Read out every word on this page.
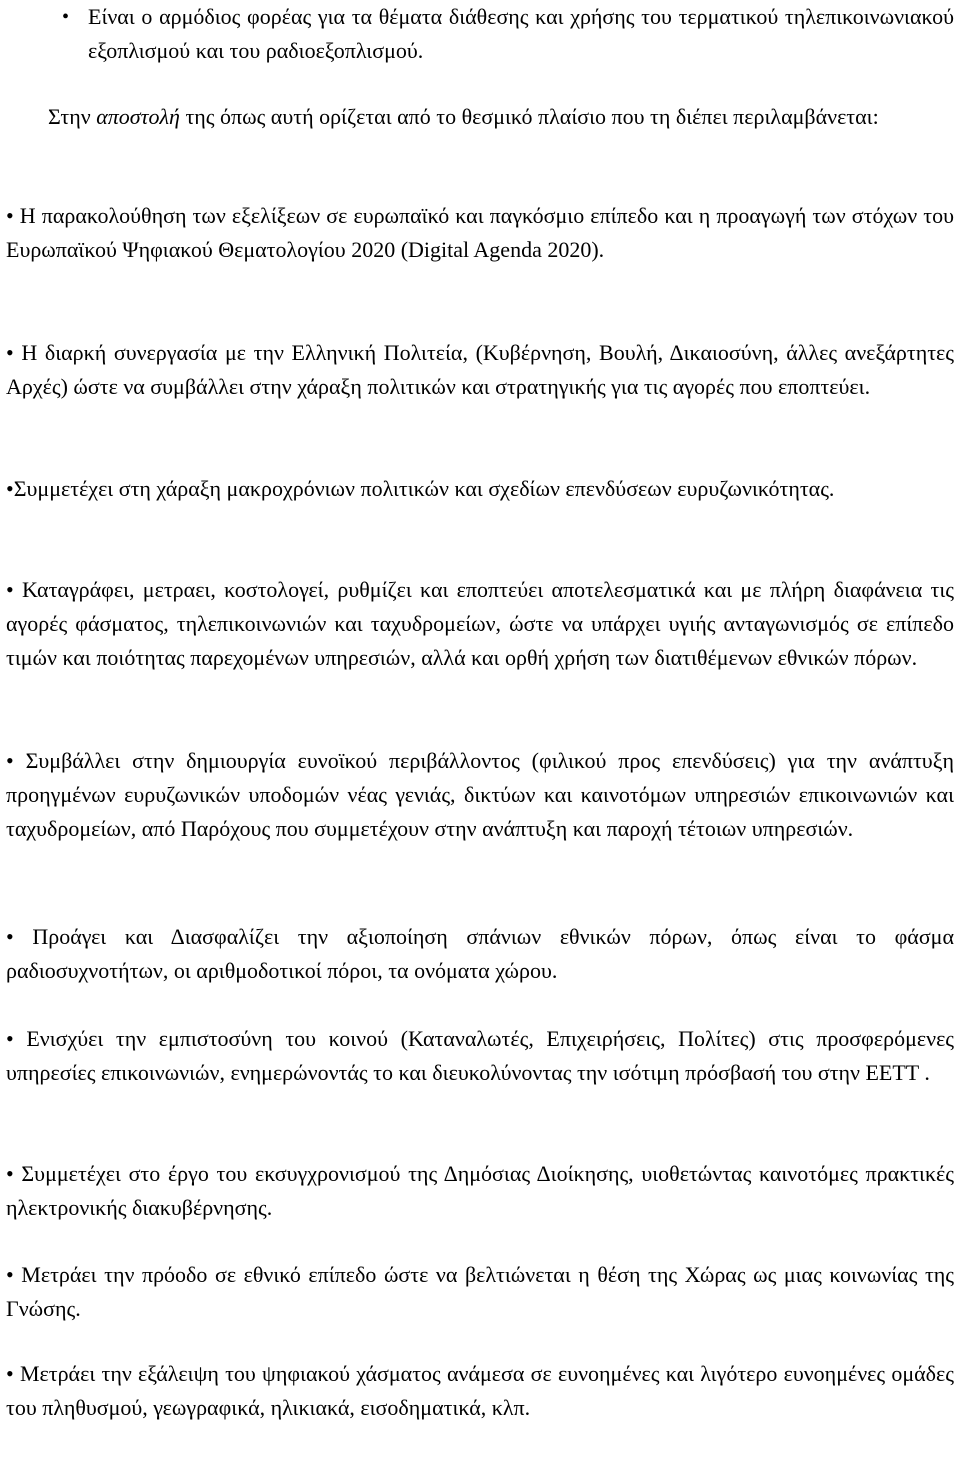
• Είναι ο αρμόδιος φορέας για τα θέματα διάθεσης και χρήσης του τερματικού τηλεπικοινωνιακού εξοπλισμού και του ραδιοεξοπλισμού.

Στην αποστολή της όπως αυτή ορίζεται από το θεσμικό πλαίσιο που τη διέπει περιλαμβάνεται:

• Η παρακολούθηση των εξελίξεων σε ευρωπαϊκό και παγκόσμιο επίπεδο και η προαγωγή των στόχων του Ευρωπαϊκού Ψηφιακού Θεματολογίου 2020 (Digital Agenda 2020).

• Η διαρκή συνεργασία με την Ελληνική Πολιτεία, (Κυβέρνηση, Βουλή, Δικαιοσύνη, άλλες ανεξάρτητες Αρχές) ώστε να συμβάλλει στην χάραξη πολιτικών και στρατηγικής για τις αγορές που εποπτεύει.

•Συμμετέχει στη χάραξη μακροχρόνιων πολιτικών και σχεδίων επενδύσεων ευρυζωνικότητας.

• Καταγράφει, μετραει, κοστολογεί, ρυθμίζει και εποπτεύει αποτελεσματικά και με πλήρη διαφάνεια τις αγορές φάσματος, τηλεπικοινωνιών και ταχυδρομείων, ώστε να υπάρχει υγιής ανταγωνισμός σε επίπεδο τιμών και ποιότητας παρεχομένων υπηρεσιών, αλλά και ορθή χρήση των διατιθέμενων εθνικών πόρων.

• Συμβάλλει στην δημιουργία ευνοϊκού περιβάλλοντος (φιλικού προς επενδύσεις) για την ανάπτυξη προηγμένων ευρυζωνικών υποδομών νέας γενιάς, δικτύων και καινοτόμων υπηρεσιών επικοινωνιών και ταχυδρομείων, από Παρόχους που συμμετέχουν στην ανάπτυξη και παροχή τέτοιων υπηρεσιών.

• Προάγει και Διασφαλίζει την αξιοποίηση σπάνιων εθνικών πόρων, όπως είναι το φάσμα ραδιοσυχνοτήτων, οι αριθμοδοτικοί πόροι, τα ονόματα χώρου.

• Ενισχύει την εμπιστοσύνη του κοινού (Καταναλωτές, Επιχειρήσεις, Πολίτες) στις προσφερόμενες υπηρεσίες επικοινωνιών, ενημερώνοντάς το και διευκολύνοντας την ισότιμη πρόσβασή του στην ΕΕΤΤ .

• Συμμετέχει στο έργο του εκσυγχρονισμού της Δημόσιας Διοίκησης, υιοθετώντας καινοτόμες πρακτικές ηλεκτρονικής διακυβέρνησης.

• Μετράει την πρόοδο σε εθνικό επίπεδο ώστε να βελτιώνεται η θέση της Χώρας ως μιας κοινωνίας της Γνώσης.

• Μετράει την εξάλειψη του ψηφιακού χάσματος ανάμεσα σε ευνοημένες και λιγότερο ευνοημένες ομάδες του πληθυσμού, γεωγραφικά, ηλικιακά, εισοδηματικά, κλπ.
